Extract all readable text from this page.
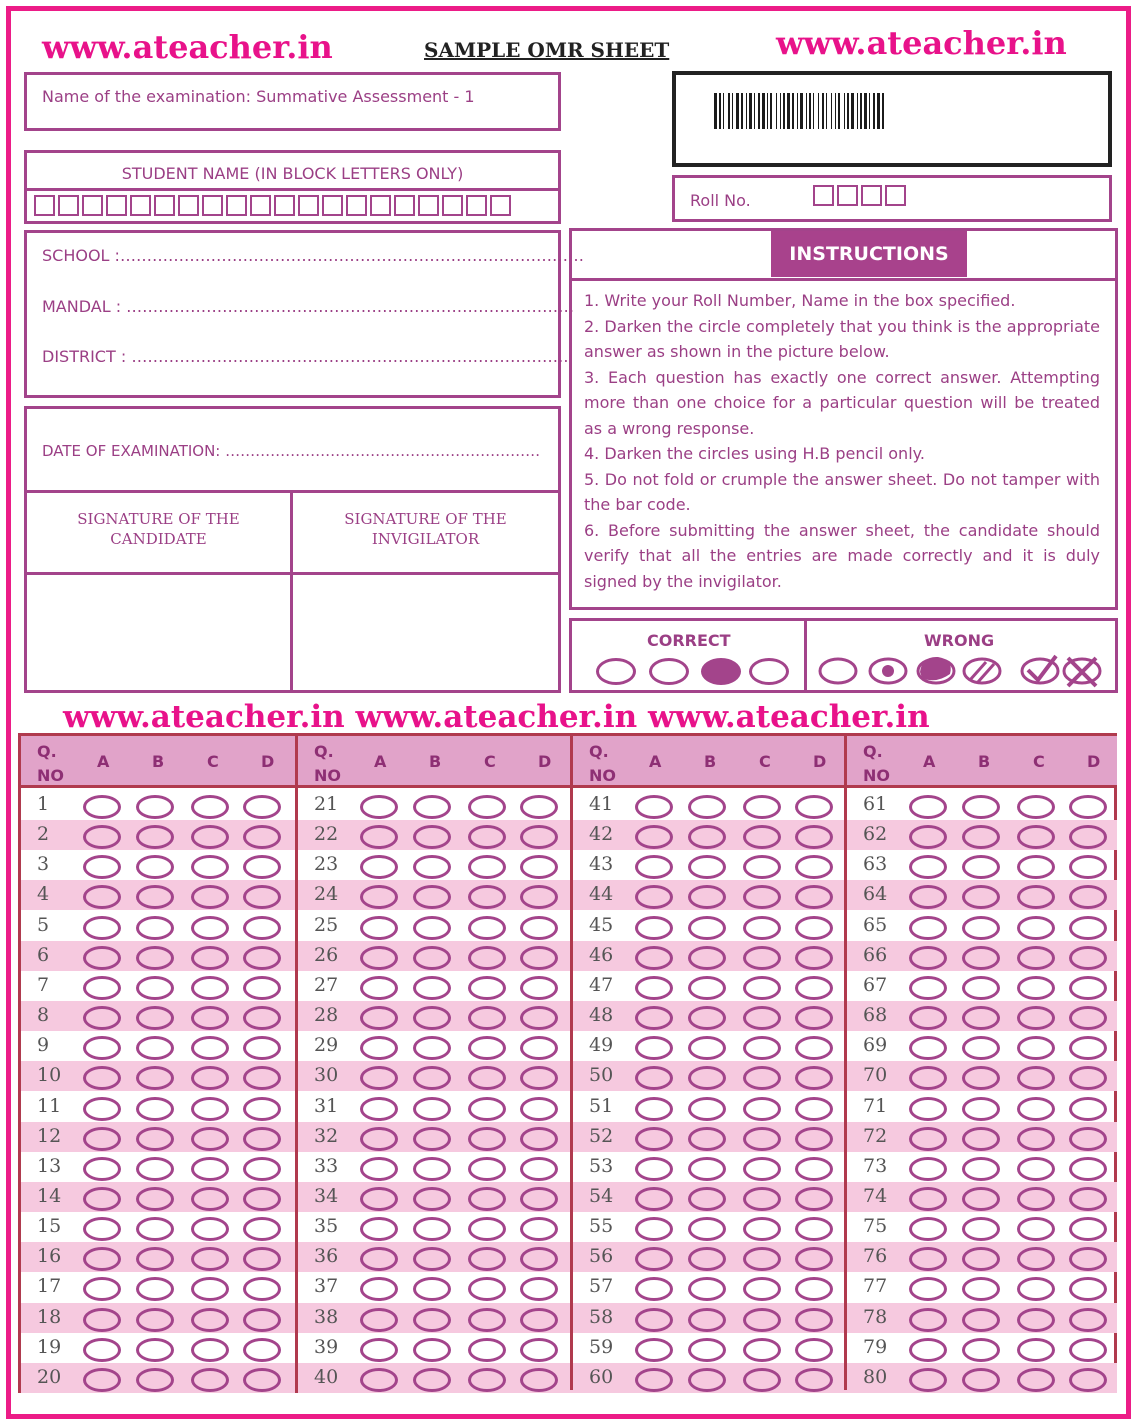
www.ateacher.in	SAMPLE OMR SHEET	www.ateacher.in
Name of the examination: Summative Assessment - 1
STUDENT NAME (IN BLOCK LETTERS ONLY)
Roll No.
SCHOOL :……………………………………………………………………………
MANDAL : …………………………………………………………………………
DISTRICT : ……………………………………………………………………….
DATE OF EXAMINATION: ………………………………………………………
SIGNATURE OF THE
CANDIDATE
SIGNATURE OF THE
INVIGILATOR
INSTRUCTIONS
1. Write your Roll Number, Name in the box specified.
2. Darken the circle completely that you think is the appropriate answer as shown in the picture below.
3. Each question has exactly one correct answer. Attempting more than one choice for a particular question will be treated as a wrong response.
4. Darken the circles using H.B pencil only.
5. Do not fold or crumple the answer sheet. Do not tamper with the bar code.
6. Before submitting the answer sheet, the candidate should verify that all the entries are made correctly and it is duly signed by the invigilator.
CORRECT	WRONG
www.ateacher.in www.ateacher.in www.ateacher.in
Q.
NO
A	B	C	D
1
2
3
4
5
6
7
8
9
10
11
12
13
14
15
16
17
18
19
20
Q.
NO
A	B	C	D
21
22
23
24
25
26
27
28
29
30
31
32
33
34
35
36
37
38
39
40
Q.
NO
A	B	C	D
41
42
43
44
45
46
47
48
49
50
51
52
53
54
55
56
57
58
59
60
Q.
NO
A	B	C	D
61
62
63
64
65
66
67
68
69
70
71
72
73
74
75
76
77
78
79
80
